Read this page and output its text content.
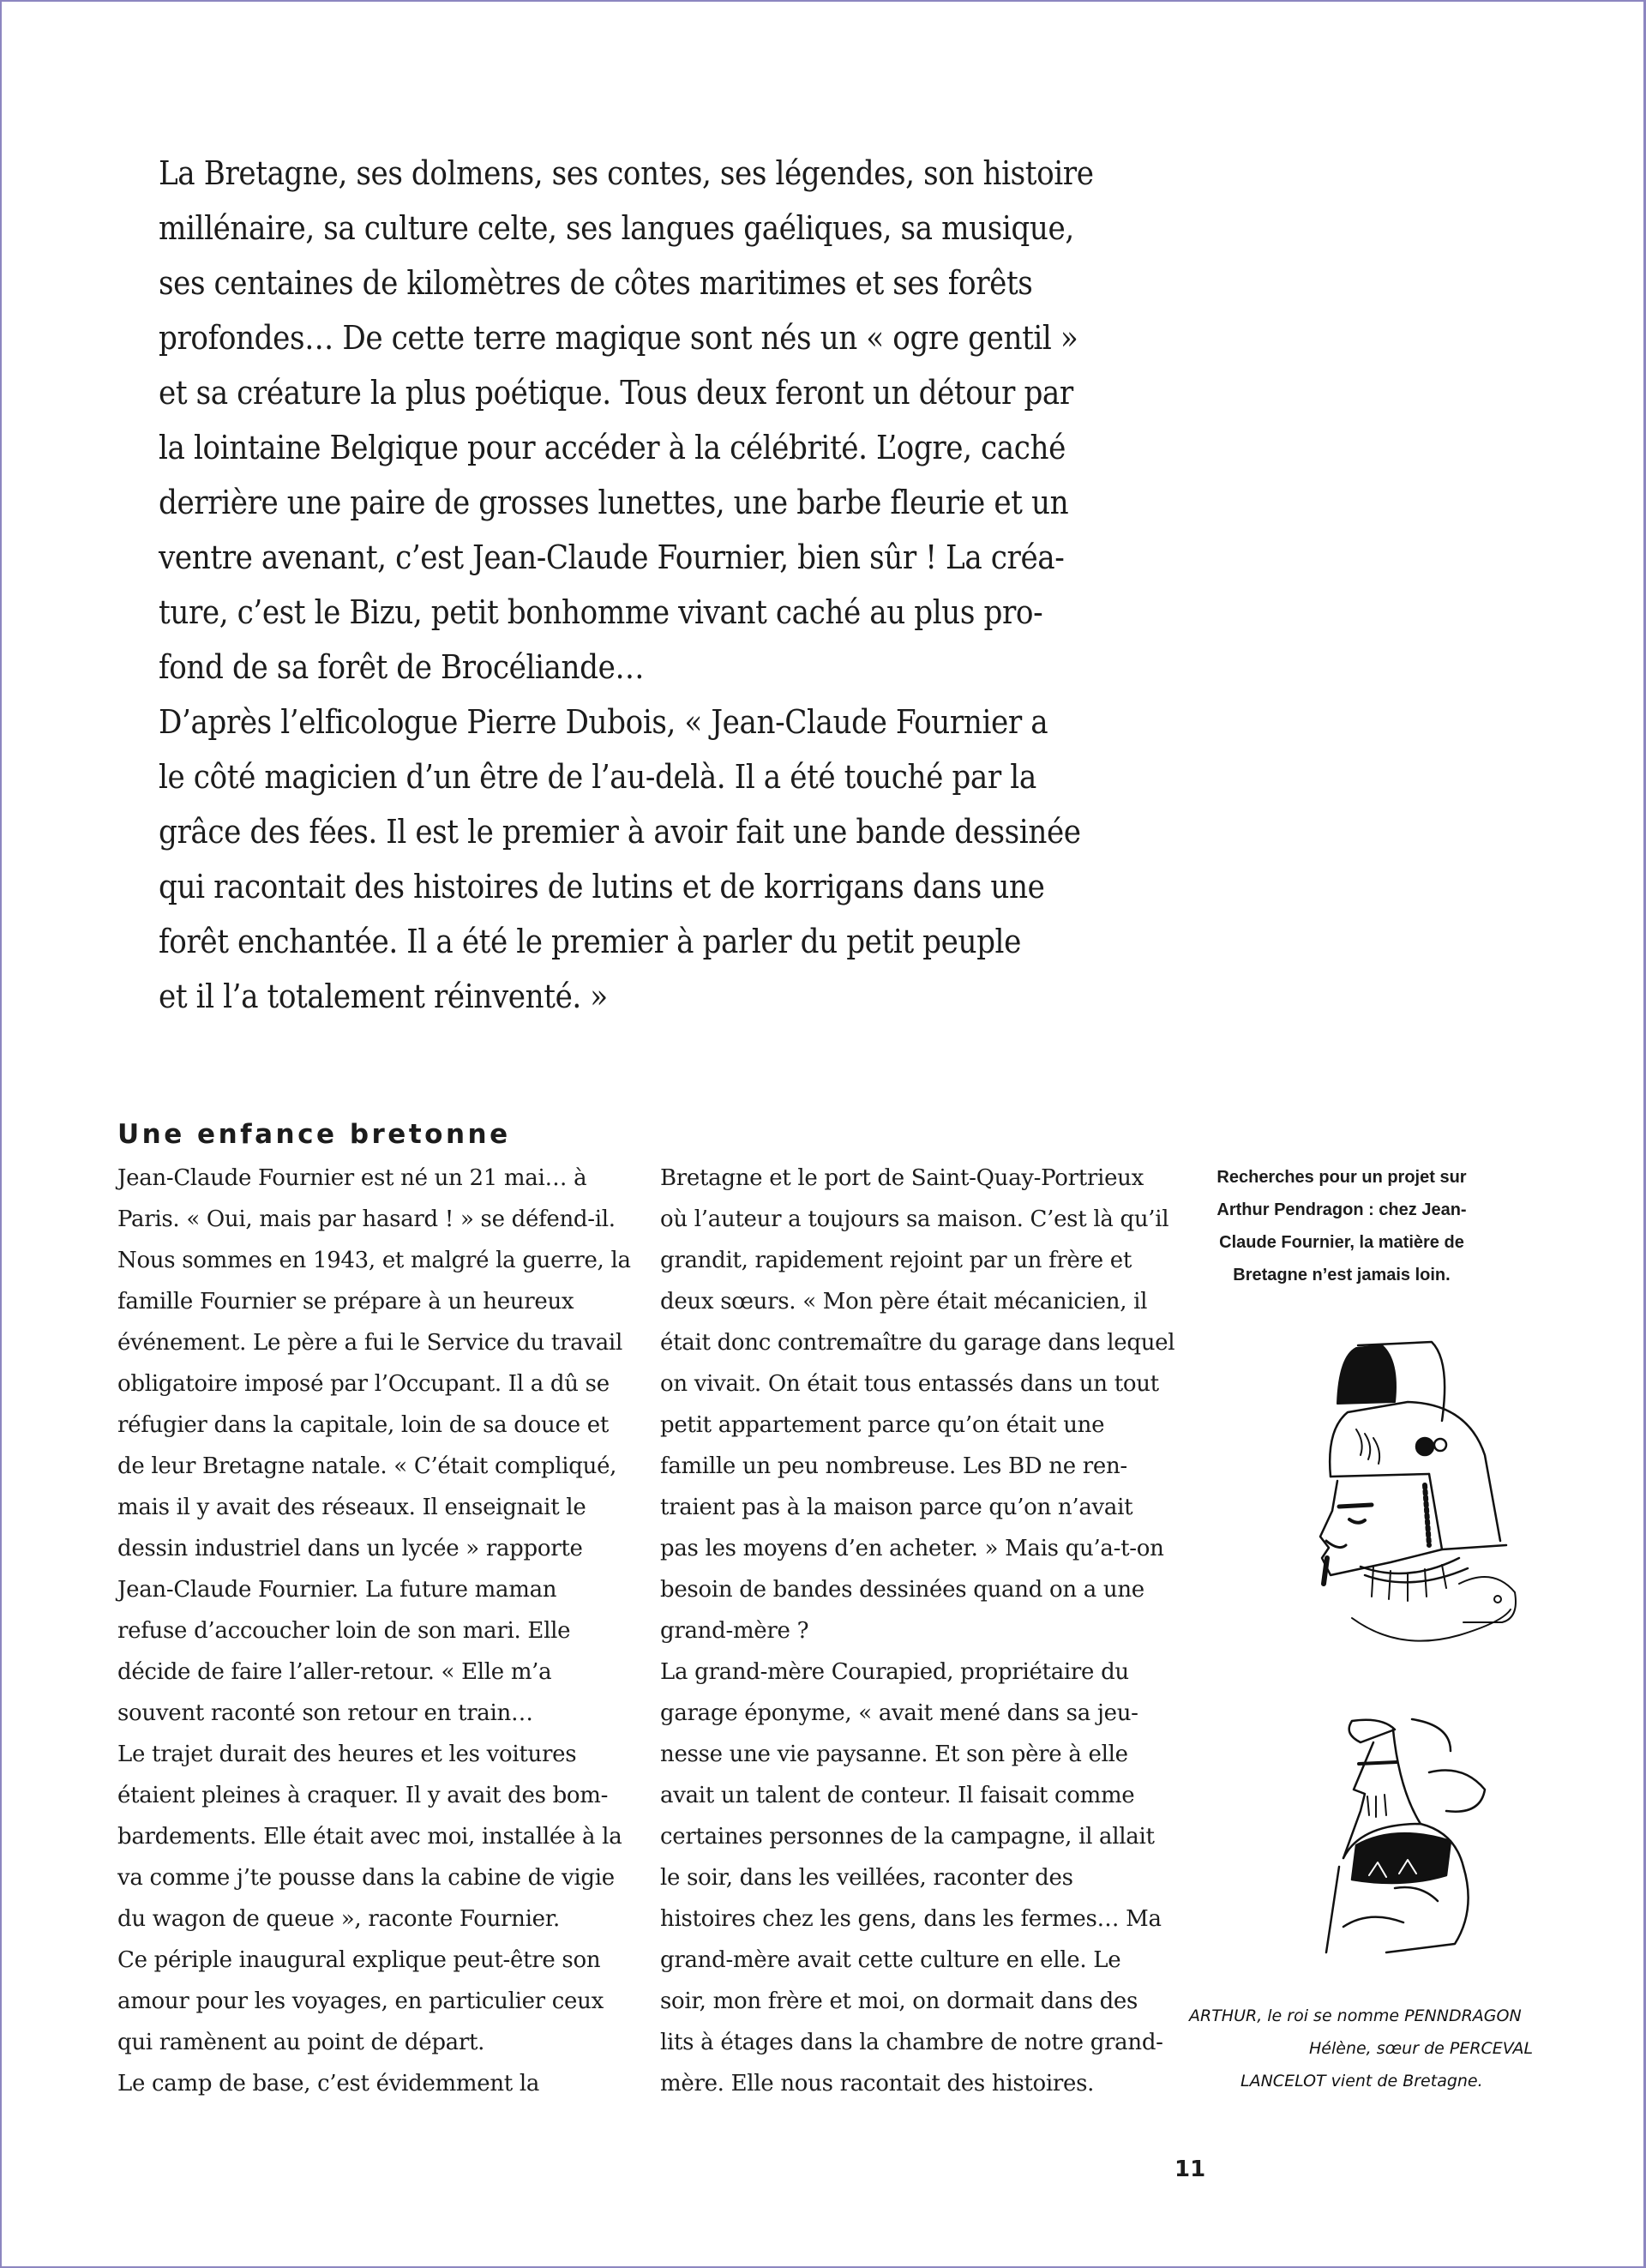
La Bretagne, ses dolmens, ses contes, ses légendes, son histoire
millénaire, sa culture celte, ses langues gaéliques, sa musique,
ses centaines de kilomètres de côtes maritimes et ses forêts
profondes… De cette terre magique sont nés un « ogre gentil »
et sa créature la plus poétique. Tous deux feront un détour par
la lointaine Belgique pour accéder à la célébrité. L’ogre, caché
derrière une paire de grosses lunettes, une barbe fleurie et un
ventre avenant, c’est Jean-Claude Fournier, bien sûr ! La créa-
ture, c’est le Bizu, petit bonhomme vivant caché au plus pro-
fond de sa forêt de Brocéliande…
D’après l’elficologue Pierre Dubois, « Jean-Claude Fournier a
le côté magicien d’un être de l’au-delà. Il a été touché par la
grâce des fées. Il est le premier à avoir fait une bande dessinée
qui racontait des histoires de lutins et de korrigans dans une
forêt enchantée. Il a été le premier à parler du petit peuple
et il l’a totalement réinventé. »
Une enfance bretonne
Jean-Claude Fournier est né un 21 mai… à
Paris. « Oui, mais par hasard ! » se défend-il.
Nous sommes en 1943, et malgré la guerre, la
famille Fournier se prépare à un heureux
événement. Le père a fui le Service du travail
obligatoire imposé par l’Occupant. Il a dû se
réfugier dans la capitale, loin de sa douce et
de leur Bretagne natale. « C’était compliqué,
mais il y avait des réseaux. Il enseignait le
dessin industriel dans un lycée » rapporte
Jean-Claude Fournier. La future maman
refuse d’accoucher loin de son mari. Elle
décide de faire l’aller-retour. « Elle m’a
souvent raconté son retour en train…
Le trajet durait des heures et les voitures
étaient pleines à craquer. Il y avait des bom-
bardements. Elle était avec moi, installée à la
va comme j’te pousse dans la cabine de vigie
du wagon de queue », raconte Fournier.
Ce périple inaugural explique peut-être son
amour pour les voyages, en particulier ceux
qui ramènent au point de départ.
Le camp de base, c’est évidemment la
Bretagne et le port de Saint-Quay-Portrieux
où l’auteur a toujours sa maison. C’est là qu’il
grandit, rapidement rejoint par un frère et
deux sœurs. « Mon père était mécanicien, il
était donc contremaître du garage dans lequel
on vivait. On était tous entassés dans un tout
petit appartement parce qu’on était une
famille un peu nombreuse. Les BD ne ren-
traient pas à la maison parce qu’on n’avait
pas les moyens d’en acheter. » Mais qu’a-t-on
besoin de bandes dessinées quand on a une
grand-mère ?
La grand-mère Courapied, propriétaire du
garage éponyme, « avait mené dans sa jeu-
nesse une vie paysanne. Et son père à elle
avait un talent de conteur. Il faisait comme
certaines personnes de la campagne, il allait
le soir, dans les veillées, raconter des
histoires chez les gens, dans les fermes… Ma
grand-mère avait cette culture en elle. Le
soir, mon frère et moi, on dormait dans des
lits à étages dans la chambre de notre grand-
mère. Elle nous racontait des histoires.
Recherches pour un projet sur
Arthur Pendragon : chez Jean-
Claude Fournier, la matière de
Bretagne n’est jamais loin.
ARTHUR, le roi se nomme PENNDRAGON
Hélène, sœur de PERCEVAL
LANCELOT vient de Bretagne.
11
